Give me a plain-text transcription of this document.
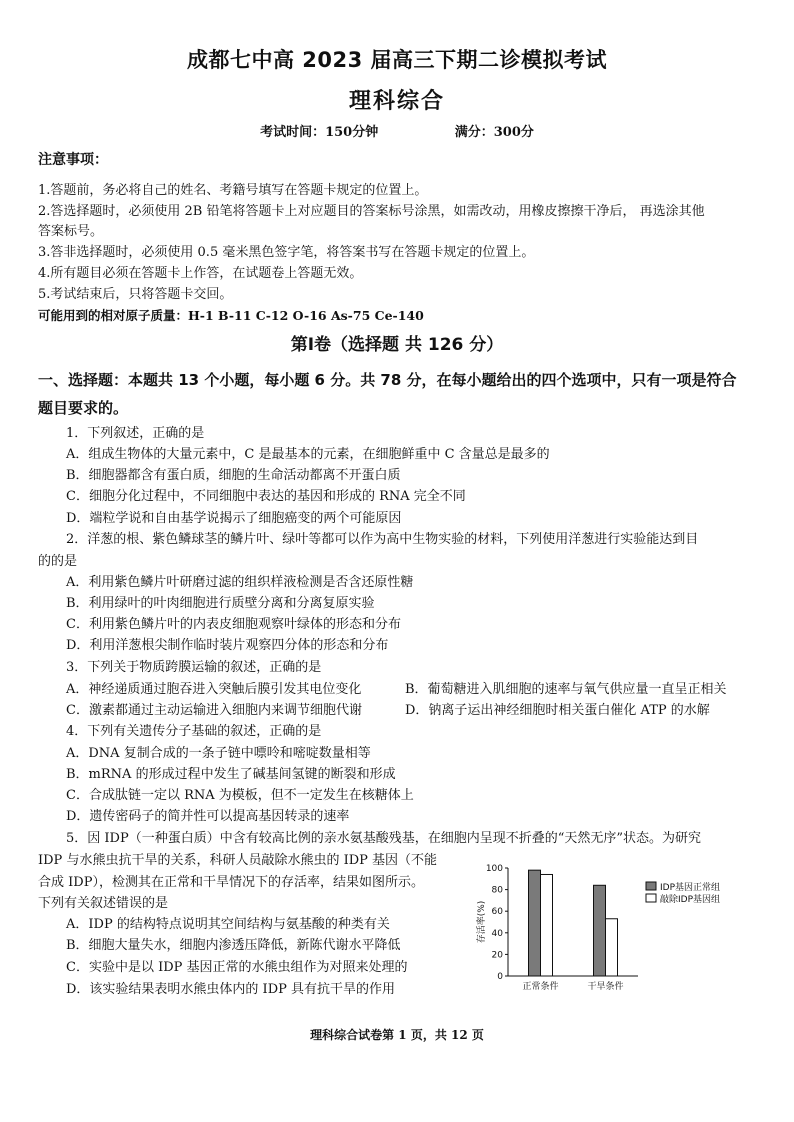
成都七中高 2023 届高三下期二诊模拟考试
理科综合
考试时间：150分钟	满分：300分
注意事项：
1.答题前，务必将自己的姓名、考籍号填写在答题卡规定的位置上。
2.答选择题时，必须使用 2B 铅笔将答题卡上对应题目的答案标号涂黑，如需改动，用橡皮擦擦干净后， 再选涂其他
答案标号。
3.答非选择题时，必须使用 0.5 毫米黑色签字笔，将答案书写在答题卡规定的位置上。
4.所有题目必须在答题卡上作答，在试题卷上答题无效。
5.考试结束后，只将答题卡交回。
可能用到的相对原子质量：H-1 B-11 C-12 O-16 As-75 Ce-140
第Ⅰ卷（选择题 共 126 分）
一、选择题：本题共 13 个小题，每小题 6 分。共 78 分，在每小题给出的四个选项中，只有一项是符合
题目要求的。
1．下列叙述，正确的是
A．组成生物体的大量元素中，C 是最基本的元素，在细胞鲜重中 C 含量总是最多的
B．细胞器都含有蛋白质，细胞的生命活动都离不开蛋白质
C．细胞分化过程中，不同细胞中表达的基因和形成的 RNA 完全不同
D．端粒学说和自由基学说揭示了细胞癌变的两个可能原因
2．洋葱的根、紫色鳞球茎的鳞片叶、绿叶等都可以作为高中生物实验的材料，下列使用洋葱进行实验能达到目
的的是
A．利用紫色鳞片叶研磨过滤的组织样液检测是否含还原性糖
B．利用绿叶的叶肉细胞进行质壁分离和分离复原实验
C．利用紫色鳞片叶的内表皮细胞观察叶绿体的形态和分布
D．利用洋葱根尖制作临时装片观察四分体的形态和分布
3．下列关于物质跨膜运输的叙述，正确的是
A．神经递质通过胞吞进入突触后膜引发其电位变化	B．葡萄糖进入肌细胞的速率与氧气供应量一直呈正相关
C．激素都通过主动运输进入细胞内来调节细胞代谢	D．钠离子运出神经细胞时相关蛋白催化 ATP 的水解
4．下列有关遗传分子基础的叙述，正确的是
A．DNA 复制合成的一条子链中嘌呤和嘧啶数量相等
B．mRNA 的形成过程中发生了碱基间氢键的断裂和形成
C．合成肽链一定以 RNA 为模板，但不一定发生在核糖体上
D．遗传密码子的简并性可以提高基因转录的速率
5．因 IDP（一种蛋白质）中含有较高比例的亲水氨基酸残基，在细胞内呈现不折叠的“天然无序”状态。为研究
IDP 与水熊虫抗干旱的关系，科研人员敲除水熊虫的 IDP 基因（不能
合成 IDP），检测其在正常和干旱情况下的存活率，结果如图所示。
下列有关叙述错误的是
A．IDP 的结构特点说明其空间结构与氨基酸的种类有关
B．细胞大量失水，细胞内渗透压降低，新陈代谢水平降低
C．实验中是以 IDP 基因正常的水熊虫组作为对照来处理的
D．该实验结果表明水熊虫体内的 IDP 具有抗干旱的作用
0
20
40
60
80
100
存活率(%)
正常条件	干旱条件
IDP基因正常组
敲除IDP基因组
理科综合试卷第 1 页，共 12 页
